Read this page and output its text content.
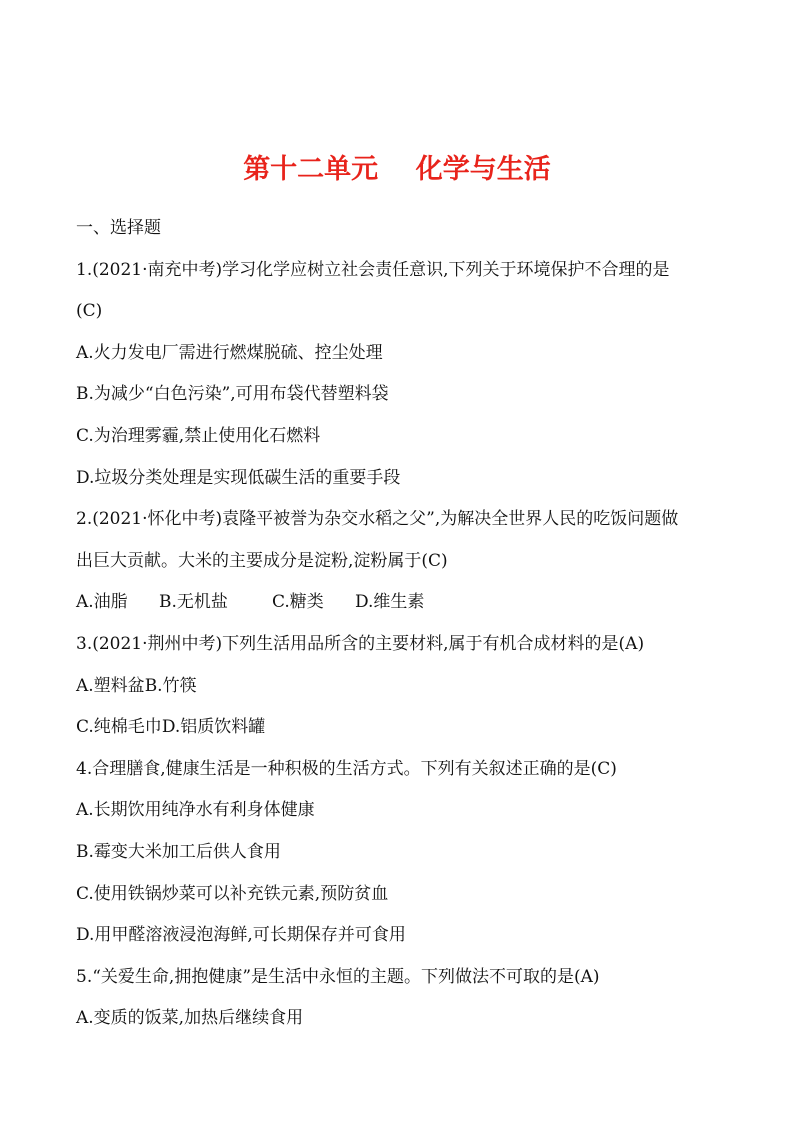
第十二单元    化学与生活
一、选择题
1.(2021·南充中考)学习化学应树立社会责任意识,下列关于环境保护不合理的是
(C)
A.火力发电厂需进行燃煤脱硫、控尘处理
B.为减少“白色污染”,可用布袋代替塑料袋
C.为治理雾霾,禁止使用化石燃料
D.垃圾分类处理是实现低碳生活的重要手段
2.(2021·怀化中考)袁隆平被誉为杂交水稻之父”,为解决全世界人民的吃饭问题做
出巨大贡献。大米的主要成分是淀粉,淀粉属于(C)
A.油脂 B.无机盐	C.糖类 D.维生素
3.(2021·荆州中考)下列生活用品所含的主要材料,属于有机合成材料的是(A)
A.塑料盆B.竹筷
C.纯棉毛巾D.铝质饮料罐
4.合理膳食,健康生活是一种积极的生活方式。下列有关叙述正确的是(C)
A.长期饮用纯净水有利身体健康
B.霉变大米加工后供人食用
C.使用铁锅炒菜可以补充铁元素,预防贫血
D.用甲醛溶液浸泡海鲜,可长期保存并可食用
5.“关爱生命,拥抱健康”是生活中永恒的主题。下列做法不可取的是(A)
A.变质的饭菜,加热后继续食用
